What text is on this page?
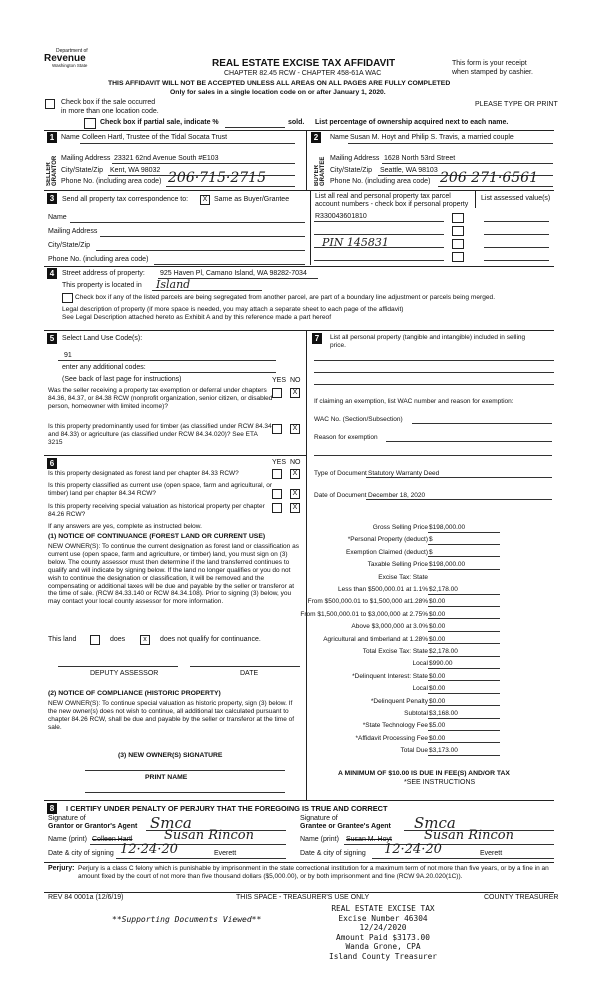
Department of
Revenue
Washington State	REAL ESTATE EXCISE TAX AFFIDAVIT
CHAPTER 82.45 RCW - CHAPTER 458-61A WAC
This form is your receipt
when stamped by cashier.
THIS AFFIDAVIT WILL NOT BE ACCEPTED UNLESS ALL AREAS ON ALL PAGES ARE FULLY COMPLETED
Only for sales in a single location code on or after January 1, 2020.
Check box if the sale occurred
in more than one location code.
PLEASE TYPE OR PRINT
Check box if partial sale, indicate %	sold. List percentage of ownership acquired next to each name.
1 Name Colleen Hartl, Trustee of the Tidal Socata Trust
SELLER GRANTOR Mailing Address 23321 62nd Avenue South #E103
City/State/Zip Kent, WA 98032
Phone No. (including area code) 206·715·2715
2	Name Susan M. Hoyt and Philip S. Travis, a married couple
BUYER GRANTEE Mailing Address 1628 North 53rd Street
City/State/Zip Seattle, WA 98103
Phone No. (including area code) 206 271·6561
3	Send all property tax correspondence to:	X Same as Buyer/Grantee	List all real and personal property tax parcel
account numbers - check box if personal property
List assessed value(s)
Name
Mailing Address
City/State/Zip
Phone No. (including area code)
R330043601810
PIN 145831
4	Street address of property: 925 Haven Pl, Camano Island, WA 98282-7034
This property is located in Island
Check box if any of the listed parcels are being segregated from another parcel, are part of a boundary line adjustment or parcels being merged.
Legal description of property (if more space is needed, you may attach a separate sheet to each page of the affidavit)
See Legal Description attached hereto as Exhibit A and by this reference made a part hereof
5	Select Land Use Code(s):
91
enter any additional codes:
(See back of last page for instructions)	YES NO
Was the seller receiving a property tax exemption or deferral under chapters 84.36, 84.37, or 84.38 RCW (nonprofit organization, senior citizen, or disabled person, homeowner with limited income)?
X
Is this property predominantly used for timber (as classified under RCW 84.34 and 84.33) or agriculture (as classified under RCW 84.34.020)? See ETA 3215
X
6	YES NO
Is this property designated as forest land per chapter 84.33 RCW?	X
Is this property classified as current use (open space, farm and agricultural, or timber) land per chapter 84.34 RCW?	X
Is this property receiving special valuation as historical property per chapter 84.26 RCW?
X
If any answers are yes, complete as instructed below.
(1) NOTICE OF CONTINUANCE (FOREST LAND OR CURRENT USE)
NEW OWNER(S): To continue the current designation as forest land or classification as current use (open space, farm and agriculture, or timber) land, you must sign on (3) below. The county assessor must then determine if the land transferred continues to qualify and will indicate by signing below. If the land no longer qualifies or you do not wish to continue the designation or classification, it will be removed and the compensating or additional taxes will be due and payable by the seller or transferor at the time of sale. (RCW 84.33.140 or RCW 84.34.108). Prior to signing (3) below, you may contact your local county assessor for more information.
This land	does	x	does not qualify for continuance.
DEPUTY ASSESSOR	DATE
(2) NOTICE OF COMPLIANCE (HISTORIC PROPERTY)
NEW OWNER(S): To continue special valuation as historic property, sign (3) below. If the new owner(s) does not wish to continue, all additional tax calculated pursuant to chapter 84.26 RCW, shall be due and payable by the seller or transferor at the time of sale.
(3) NEW OWNER(S) SIGNATURE
PRINT NAME
7	List all personal property (tangible and intangible) included in selling price.
If claiming an exemption, list WAC number and reason for exemption:
WAC No. (Section/Subsection)
Reason for exemption
Type of Document Statutory Warranty Deed
Date of Document December 18, 2020
Gross Selling Price $198,000.00
*Personal Property (deduct) $
Exemption Claimed (deduct) $
Taxable Selling Price $198,000.00
Excise Tax: State
Less than $500,000.01 at 1.1% $2,178.00
From $500,000.01 to $1,500,000 at1.28% $0.00
From $1,500,000.01 to $3,000,000 at 2.75% $0.00
Above $3,000,000 at 3.0% $0.00
Agricultural and timberland at 1.28% $0.00
Total Excise Tax: State $2,178.00
Local $990.00
*Delinquent Interest: State $0.00
Local $0.00
*Delinquent Penalty $0.00
Subtotal $3,168.00
*State Technology Fee $5.00
*Affidavit Processing Fee $0.00
Total Due $3,173.00
A MINIMUM OF $10.00 IS DUE IN FEE(S) AND/OR TAX
*SEE INSTRUCTIONS
8	I CERTIFY UNDER PENALTY OF PERJURY THAT THE FOREGOING IS TRUE AND CORRECT
Signature of
Grantor or Grantor's Agent Smca
Name (print) Colleen Hartl Susan Rincon
Date & city of signing 12·24·20	Everett
Signature of
Grantee or Grantee's Agent Smca
Name (print) Susan M. Hoyt Susan Rincon
Date & city of signing 12·24·20	Everett
Perjury: Perjury is a class C felony which is punishable by imprisonment in the state correctional institution for a maximum term of not more than five years, or by a fine in an amount fixed by the court of not more than five thousand dollars ($5,000.00), or by both imprisonment and fine (RCW 9A.20.020(1C)).
REV 84 0001a (12/6/19)	THIS SPACE - TREASURER'S USE ONLY	COUNTY TREASURER
**Supporting Documents Viewed**
REAL ESTATE EXCISE TAX
Excise Number 46304
12/24/2020
Amount Paid $3173.00
Wanda Grone, CPA
Island County Treasurer
